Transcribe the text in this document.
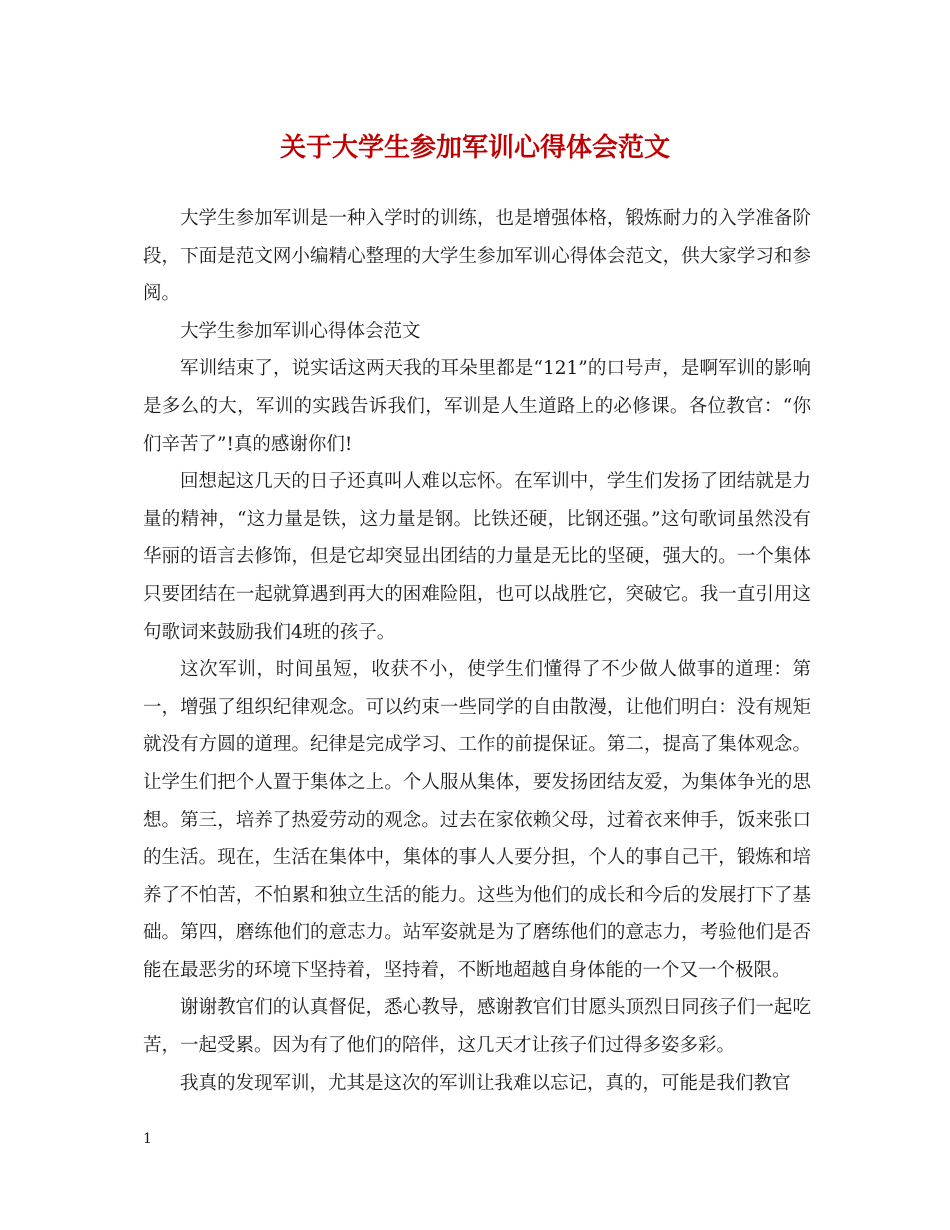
关于大学生参加军训心得体会范文

大学生参加军训是一种入学时的训练，也是增强体格，锻炼耐力的入学准备阶段，下面是范文网小编精心整理的大学生参加军训心得体会范文，供大家学习和参阅。

大学生参加军训心得体会范文

军训结束了，说实话这两天我的耳朵里都是“121”的口号声，是啊军训的影响是多么的大，军训的实践告诉我们，军训是人生道路上的必修课。各位教官：“你们辛苦了”!真的感谢你们!

回想起这几天的日子还真叫人难以忘怀。在军训中，学生们发扬了团结就是力量的精神，“这力量是铁，这力量是钢。比铁还硬，比钢还强。”这句歌词虽然没有华丽的语言去修饰，但是它却突显出团结的力量是无比的坚硬，强大的。一个集体只要团结在一起就算遇到再大的困难险阻，也可以战胜它，突破它。我一直引用这句歌词来鼓励我们4班的孩子。

这次军训，时间虽短，收获不小，使学生们懂得了不少做人做事的道理：第一，增强了组织纪律观念。可以约束一些同学的自由散漫，让他们明白：没有规矩就没有方圆的道理。纪律是完成学习、工作的前提保证。第二，提高了集体观念。让学生们把个人置于集体之上。个人服从集体，要发扬团结友爱，为集体争光的思想。第三，培养了热爱劳动的观念。过去在家依赖父母，过着衣来伸手，饭来张口的生活。现在，生活在集体中，集体的事人人要分担，个人的事自己干，锻炼和培养了不怕苦，不怕累和独立生活的能力。这些为他们的成长和今后的发展打下了基础。第四，磨练他们的意志力。站军姿就是为了磨练他们的意志力，考验他们是否能在最恶劣的环境下坚持着，坚持着，不断地超越自身体能的一个又一个极限。

谢谢教官们的认真督促，悉心教导，感谢教官们甘愿头顶烈日同孩子们一起吃苦，一起受累。因为有了他们的陪伴，这几天才让孩子们过得多姿多彩。

我真的发现军训，尤其是这次的军训让我难以忘记，真的，可能是我们教官

1
